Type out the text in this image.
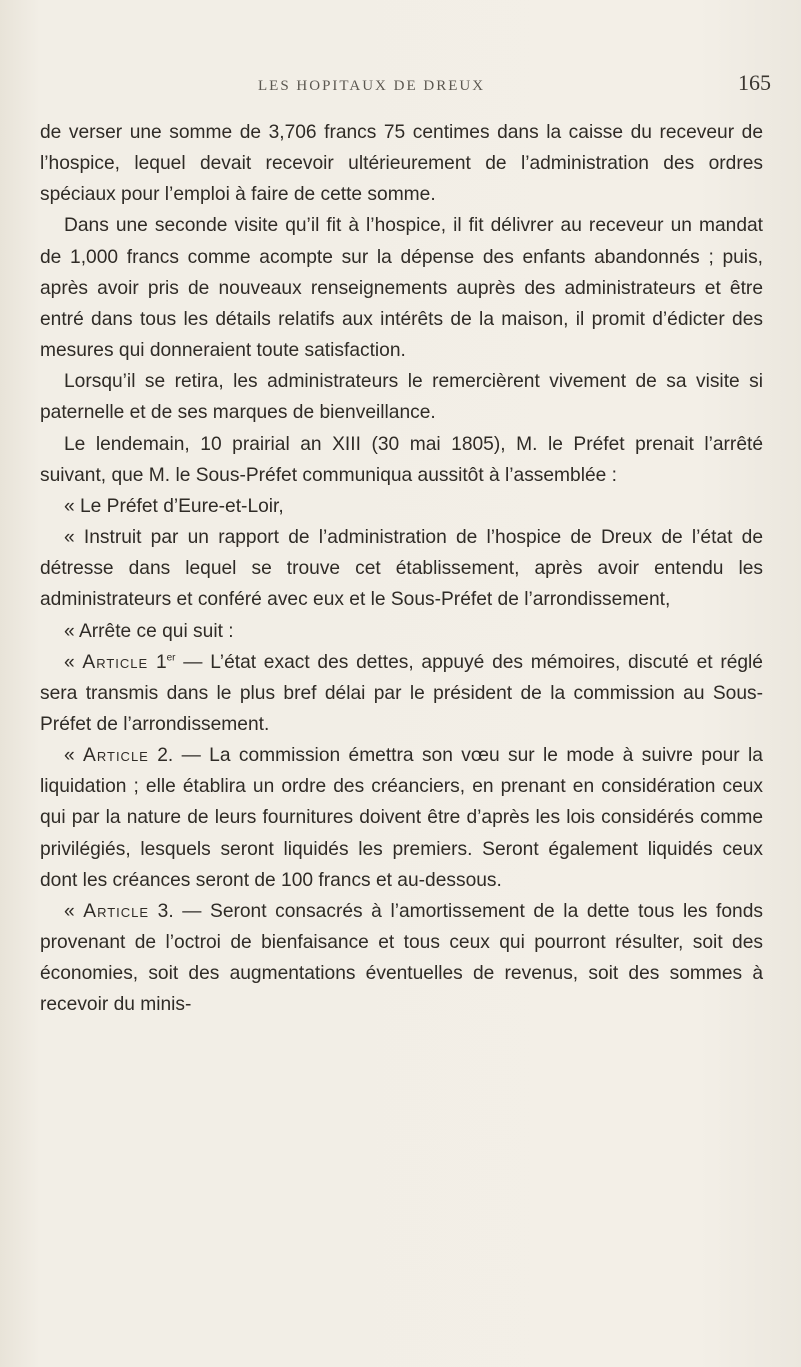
LES HOPITAUX DE DREUX	165

de verser une somme de 3,706 francs 75 centimes dans la caisse du receveur de l’hospice, lequel devait recevoir ultérieurement de l’administration des ordres spéciaux pour l’emploi à faire de cette somme.

Dans une seconde visite qu’il fit à l’hospice, il fit délivrer au receveur un mandat de 1,000 francs comme acompte sur la dépense des enfants abandonnés ; puis, après avoir pris de nouveaux renseignements auprès des administrateurs et être entré dans tous les détails relatifs aux intérêts de la maison, il promit d’édicter des mesures qui donneraient toute satisfaction.

Lorsqu’il se retira, les administrateurs le remercièrent vivement de sa visite si paternelle et de ses marques de bienveillance.

Le lendemain, 10 prairial an XIII (30 mai 1805), M. le Préfet prenait l’arrêté suivant, que M. le Sous-Préfet communiqua aussitôt à l’assemblée :

« Le Préfet d’Eure-et-Loir,

« Instruit par un rapport de l’administration de l’hospice de Dreux de l’état de détresse dans lequel se trouve cet établissement, après avoir entendu les administrateurs et conféré avec eux et le Sous-Préfet de l’arrondissement,

« Arrête ce qui suit :

« Article 1er — L’état exact des dettes, appuyé des mémoires, discuté et réglé sera transmis dans le plus bref délai par le président de la commission au Sous-Préfet de l’arrondissement.

« Article 2. — La commission émettra son vœu sur le mode à suivre pour la liquidation ; elle établira un ordre des créanciers, en prenant en considération ceux qui par la nature de leurs fournitures doivent être d’après les lois considérés comme privilégiés, lesquels seront liquidés les premiers. Seront également liquidés ceux dont les créances seront de 100 francs et au-dessous.

« Article 3. — Seront consacrés à l’amortissement de la dette tous les fonds provenant de l’octroi de bienfaisance et tous ceux qui pourront résulter, soit des économies, soit des augmentations éventuelles de revenus, soit des sommes à recevoir du minis-
